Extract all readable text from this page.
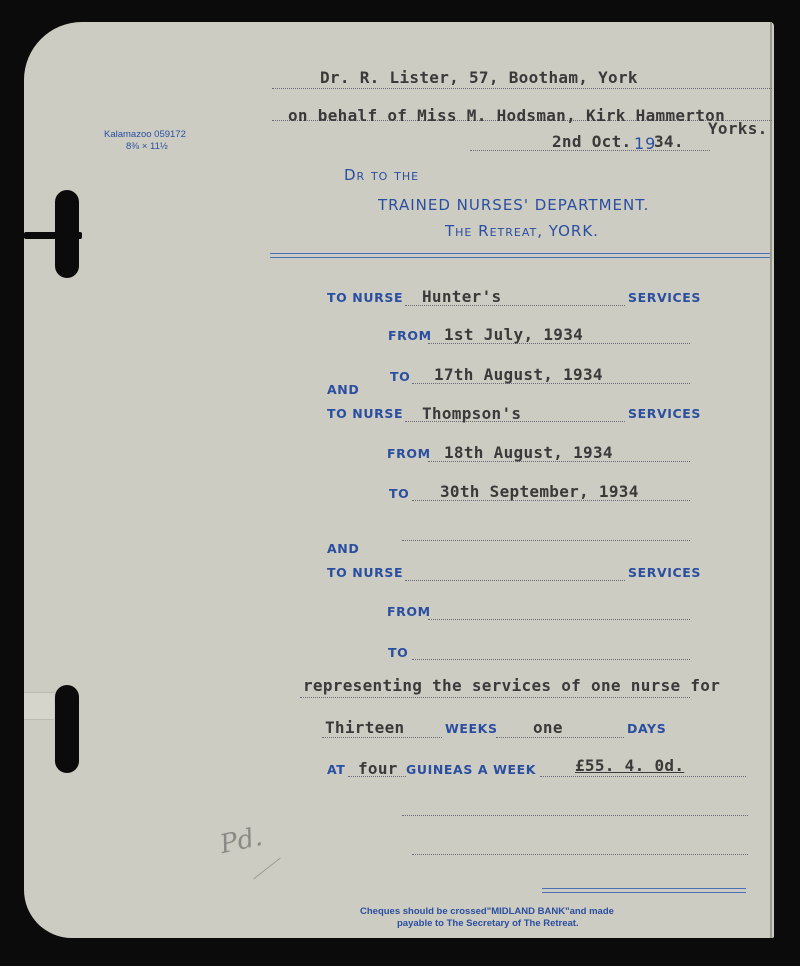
Kalamazoo 059172
8⅜ × 11½
Dr. R. Lister, 57, Bootham, York
on behalf of Miss M. Hodsman, Kirk Hammerton
Yorks.
2nd Oct. 19
34.
Dr to the
TRAINED NURSES' DEPARTMENT.
The Retreat, YORK.
TO NURSE Hunter's	SERVICES
FROM 1st July, 1934
TO 17th August, 1934
AND
TO NURSE Thompson's	SERVICES
FROM 18th August, 1934
TO 30th September, 1934
AND
TO NURSE	SERVICES
FROM
TO
representing the services of one nurse for
Thirteen	WEEKS one	DAYS
AT four GUINEAS A WEEK £55. 4. 0d.
Pd.
Cheques should be crossed"MIDLAND BANK"and made
payable to The Secretary of The Retreat.
